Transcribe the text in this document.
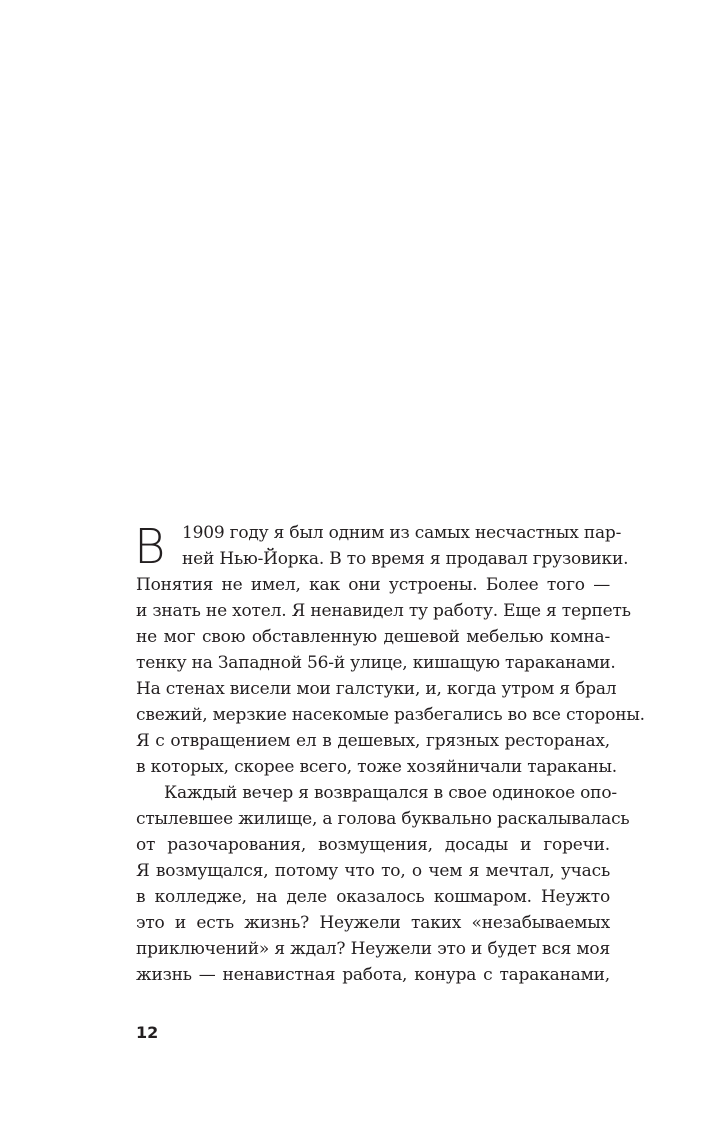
В 1909 году я был одним из самых несчастных пар-
ней Нью-Йорка. В то время я продавал грузовики.
Понятия не имел, как они устроены. Более того —
и знать не хотел. Я ненавидел ту работу. Еще я терпеть
не мог свою обставленную дешевой мебелью комна-
тенку на Западной 56-й улице, кишащую тараканами.
На стенах висели мои галстуки, и, когда утром я брал
свежий, мерзкие насекомые разбегались во все стороны.
Я с отвращением ел в дешевых, грязных ресторанах,
в которых, скорее всего, тоже хозяйничали тараканы.
Каждый вечер я возвращался в свое одинокое опо-
стылевшее жилище, а голова буквально раскалывалась
от разочарования, возмущения, досады и горечи.
Я возмущался, потому что то, о чем я мечтал, учась
в колледже, на деле оказалось кошмаром. Неужто
это и есть жизнь? Неужели таких «незабываемых
приключений» я ждал? Неужели это и будет вся моя
жизнь — ненавистная работа, конура с тараканами,
12
